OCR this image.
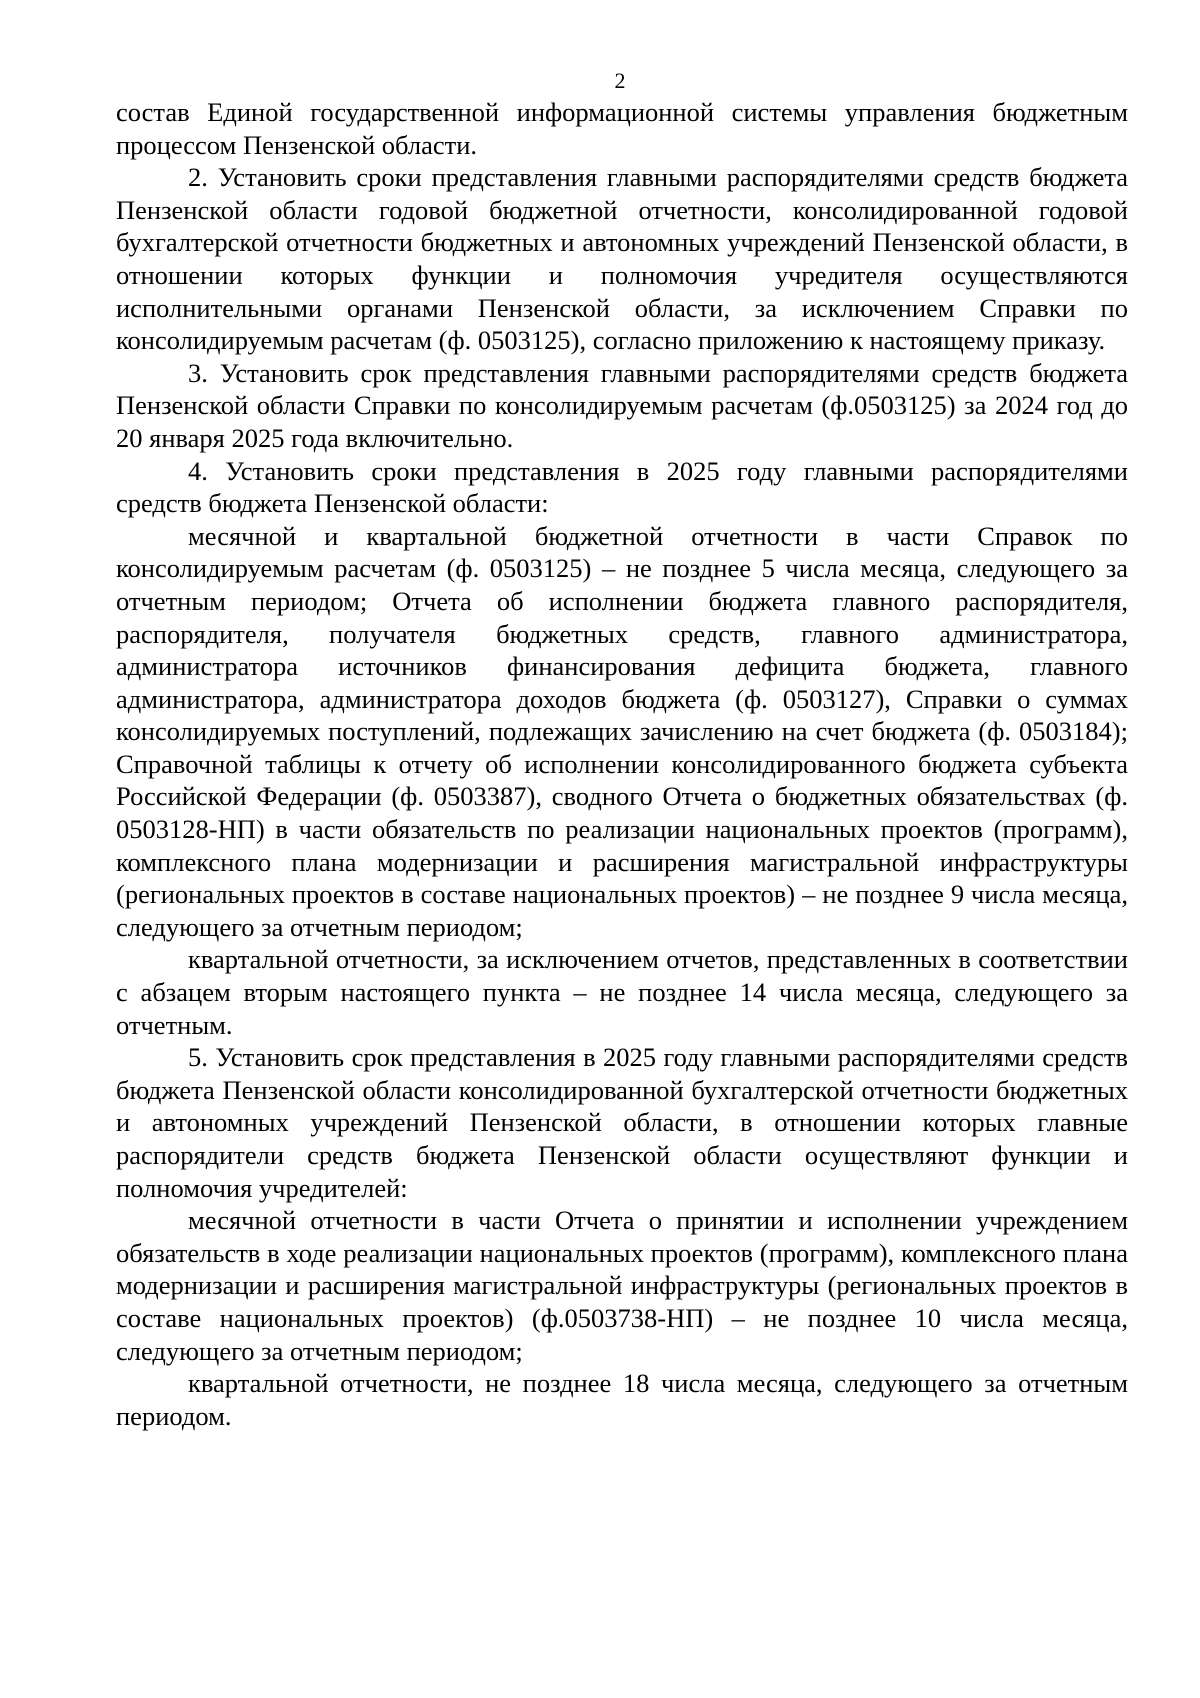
2

состав Единой государственной информационной системы управления бюджетным процессом Пензенской области.

2. Установить сроки представления главными распорядителями средств бюджета Пензенской области годовой бюджетной отчетности, консолидированной годовой бухгалтерской отчетности бюджетных и автономных учреждений Пензенской области, в отношении которых функции и полномочия учредителя осуществляются исполнительными органами Пензенской области, за исключением Справки по консолидируемым расчетам (ф. 0503125), согласно приложению к настоящему приказу.

3. Установить срок представления главными распорядителями средств бюджета Пензенской области Справки по консолидируемым расчетам (ф.0503125) за 2024 год до 20 января 2025 года включительно.

4. Установить сроки представления в 2025 году главными распорядителями средств бюджета Пензенской области:

месячной и квартальной бюджетной отчетности в части Справок по консолидируемым расчетам (ф. 0503125) – не позднее 5 числа месяца, следующего за отчетным периодом; Отчета об исполнении бюджета главного распорядителя, распорядителя, получателя бюджетных средств, главного администратора, администратора источников финансирования дефицита бюджета, главного администратора, администратора доходов бюджета (ф. 0503127), Справки о суммах консолидируемых поступлений, подлежащих зачислению на счет бюджета (ф. 0503184); Справочной таблицы к отчету об исполнении консолидированного бюджета субъекта Российской Федерации (ф. 0503387), сводного Отчета о бюджетных обязательствах (ф. 0503128-НП) в части обязательств по реализации национальных проектов (программ), комплексного плана модернизации и расширения магистральной инфраструктуры (региональных проектов в составе национальных проектов) – не позднее 9 числа месяца, следующего за отчетным периодом;

квартальной отчетности, за исключением отчетов, представленных в соответствии с абзацем вторым настоящего пункта – не позднее 14 числа месяца, следующего за отчетным.

5. Установить срок представления в 2025 году главными распорядителями средств бюджета Пензенской области консолидированной бухгалтерской отчетности бюджетных и автономных учреждений Пензенской области, в отношении которых главные распорядители средств бюджета Пензенской области осуществляют функции и полномочия учредителей:

месячной отчетности в части Отчета о принятии и исполнении учреждением обязательств в ходе реализации национальных проектов (программ), комплексного плана модернизации и расширения магистральной инфраструктуры (региональных проектов в составе национальных проектов) (ф.0503738-НП) – не позднее 10 числа месяца, следующего за отчетным периодом;

квартальной отчетности, не позднее 18 числа месяца, следующего за отчетным периодом.
